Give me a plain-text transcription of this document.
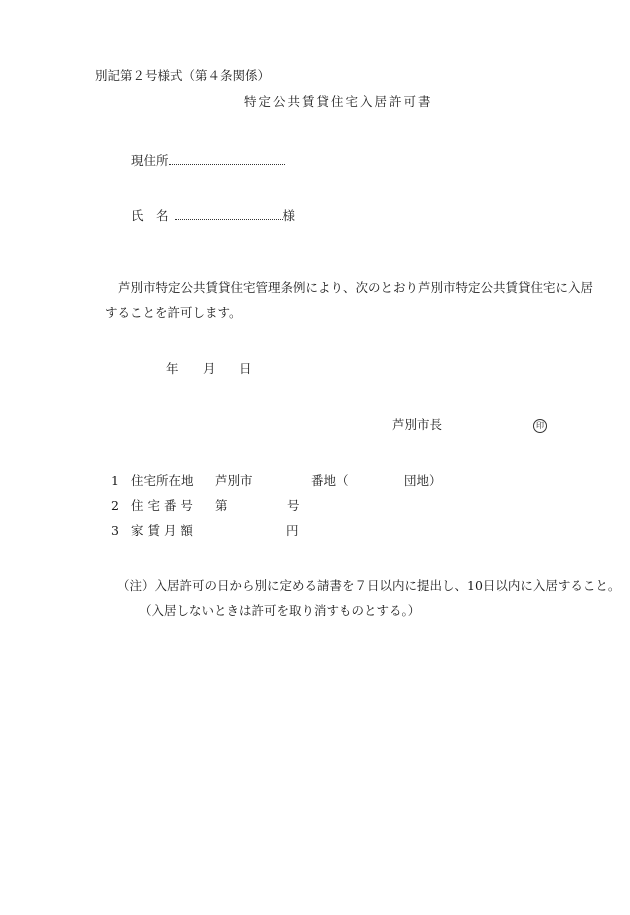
別記第２号様式（第４条関係）
特定公共賃貸住宅入居許可書
現住所
氏　名	様
芦別市特定公共賃貸住宅管理条例により、次のとおり芦別市特定公共賃貸住宅に入居
することを許可します。
年 月 日
芦別市長	印
1 住宅所在地 芦別市	番地（	団地）
2 住 宅 番 号 第	号
3 家 賃 月 額	円
（注）入居許可の日から別に定める請書を７日以内に提出し、10日以内に入居すること。
（入居しないときは許可を取り消すものとする。）
